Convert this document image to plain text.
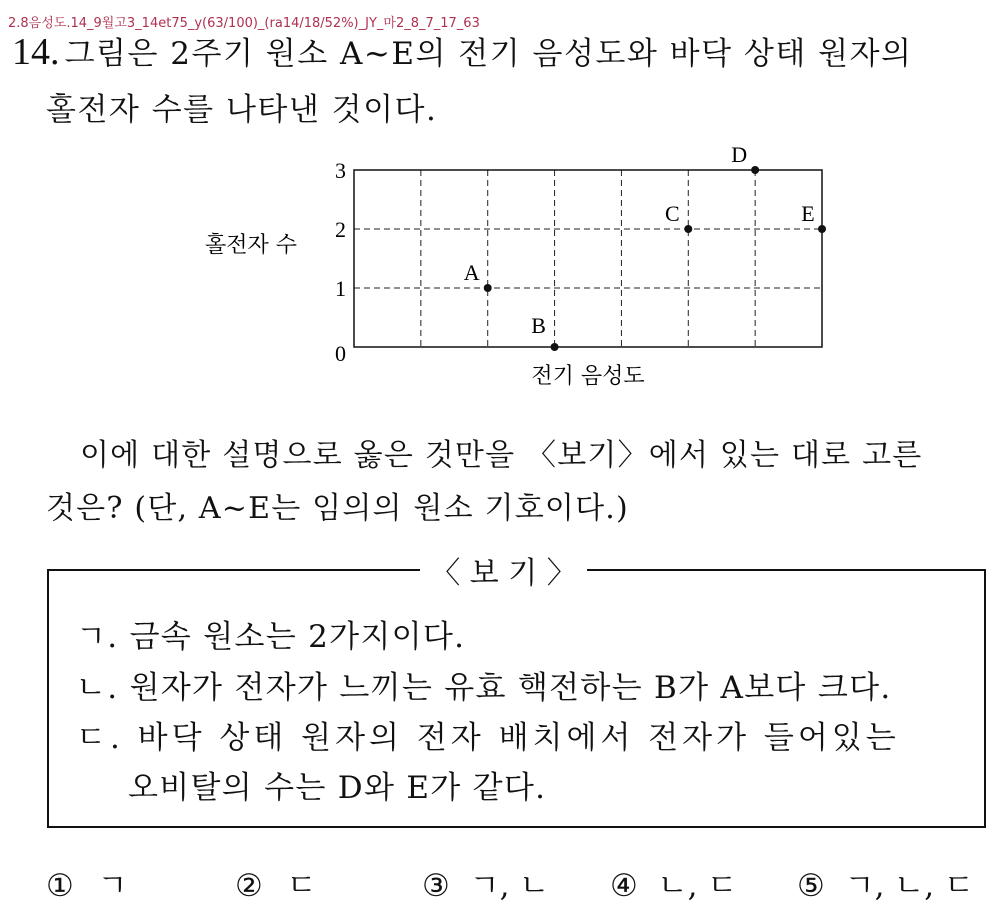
2.8음성도.14_9월고3_14et75_y(63/100)_(ra14/18/52%)_JY_마2_8_7_17_63
14. 그림은 2주기 원소 A~E의 전기 음성도와 바닥 상태 원자의
홀전자 수를 나타낸 것이다.
0
1
2
3
A
B
C
D
E
홀전자 수
전기 음성도
이에 대한 설명으로 옳은 것만을 〈보기〉에서 있는 대로 고른
것은? (단, A~E는 임의의 원소 기호이다.)
〈 보 기 〉
ㄱ. 금속 원소는 2가지이다.
ㄴ. 원자가 전자가 느끼는 유효 핵전하는 B가 A보다 크다.
ㄷ. 바닥 상태 원자의 전자 배치에서 전자가 들어있는
오비탈의 수는 D와 E가 같다.
① ㄱ	② ㄷ	③ ㄱ, ㄴ ④ ㄴ, ㄷ ⑤ ㄱ, ㄴ, ㄷ
